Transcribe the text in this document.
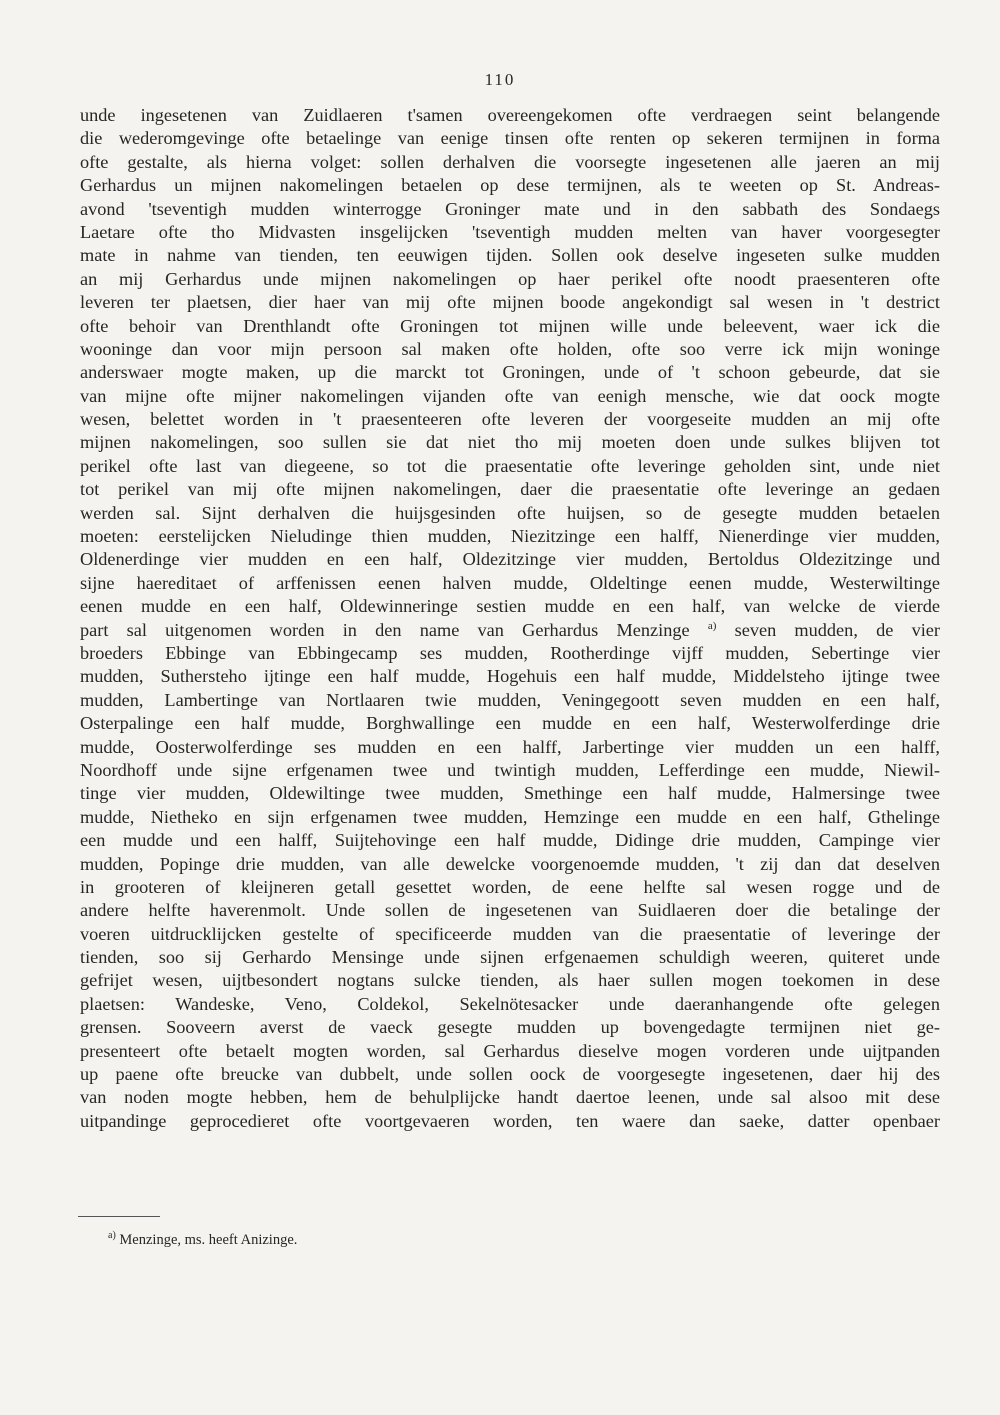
110
unde ingesetenen van Zuidlaeren t'samen overeengekomen ofte verdraegen seint belangende
die wederomgevinge ofte betaelinge van eenige tinsen ofte renten op sekeren termijnen in forma
ofte gestalte, als hierna volget: sollen derhalven die voorsegte ingesetenen alle jaeren an mij
Gerhardus un mijnen nakomelingen betaelen op dese termijnen, als te weeten op St. Andreas-
avond 'tseventigh mudden winterrogge Groninger mate und in den sabbath des Sondaegs
Laetare ofte tho Midvasten insgelijcken 'tseventigh mudden melten van haver voorgesegter
mate in nahme van tienden, ten eeuwigen tijden. Sollen ook deselve ingeseten sulke mudden
an mij Gerhardus unde mijnen nakomelingen op haer perikel ofte noodt praesenteren ofte
leveren ter plaetsen, dier haer van mij ofte mijnen boode angekondigt sal wesen in 't destrict
ofte behoir van Drenthlandt ofte Groningen tot mijnen wille unde beleevent, waer ick die
wooninge dan voor mijn persoon sal maken ofte holden, ofte soo verre ick mijn woninge
anderswaer mogte maken, up die marckt tot Groningen, unde of 't schoon gebeurde, dat sie
van mijne ofte mijner nakomelingen vijanden ofte van eenigh mensche, wie dat oock mogte
wesen, belettet worden in 't praesenteeren ofte leveren der voorgeseite mudden an mij ofte
mijnen nakomelingen, soo sullen sie dat niet tho mij moeten doen unde sulkes blijven tot
perikel ofte last van diegeene, so tot die praesentatie ofte leveringe geholden sint, unde niet
tot perikel van mij ofte mijnen nakomelingen, daer die praesentatie ofte leveringe an gedaen
werden sal. Sijnt derhalven die huijsgesinden ofte huijsen, so de gesegte mudden betaelen
moeten: eerstelijcken Nieludinge thien mudden, Niezitzinge een halff, Nienerdinge vier mudden,
Oldenerdinge vier mudden en een half, Oldezitzinge vier mudden, Bertoldus Oldezitzinge und
sijne haereditaet of arffenissen eenen halven mudde, Oldeltinge eenen mudde, Westerwiltinge
eenen mudde en een half, Oldewinneringe sestien mudde en een half, van welcke de vierde
part sal uitgenomen worden in den name van Gerhardus Menzinge $^{a)}$ seven mudden, de vier
broeders Ebbinge van Ebbingecamp ses mudden, Rootherdinge vijff mudden, Sebertinge vier
mudden, Suthersteho ijtinge een half mudde, Hogehuis een half mudde, Middelsteho ijtinge twee
mudden, Lambertinge van Nortlaaren twie mudden, Veningegoott seven mudden en een half,
Osterpalinge een half mudde, Borghwallinge een mudde en een half, Westerwolferdinge drie
mudde, Oosterwolferdinge ses mudden en een halff, Jarbertinge vier mudden un een halff,
Noordhoff unde sijne erfgenamen twee und twintigh mudden, Lefferdinge een mudde, Niewil-
tinge vier mudden, Oldewiltinge twee mudden, Smethinge een half mudde, Halmersinge twee
mudde, Nietheko en sijn erfgenamen twee mudden, Hemzinge een mudde en een half, Gthelinge
een mudde und een halff, Suijtehovinge een half mudde, Didinge drie mudden, Campinge vier
mudden, Popinge drie mudden, van alle dewelcke voorgenoemde mudden, 't zij dan dat deselven
in grooteren of kleijneren getall gesettet worden, de eene helfte sal wesen rogge und de
andere helfte haverenmolt. Unde sollen de ingesetenen van Suidlaeren doer die betalinge der
voeren uitdrucklijcken gestelte of specificeerde mudden van die praesentatie of leveringe der
tienden, soo sij Gerhardo Mensinge unde sijnen erfgenaemen schuldigh weeren, quiteret unde
gefrijet wesen, uijtbesondert nogtans sulcke tienden, als haer sullen mogen toekomen in dese
plaetsen: Wandeske, Veno, Coldekol, Sekelnötesacker unde daeranhangende ofte gelegen
grensen. Sooveern averst de vaeck gesegte mudden up bovengedagte termijnen niet ge-
presenteert ofte betaelt mogten worden, sal Gerhardus dieselve mogen vorderen unde uijtpanden
up paene ofte breucke van dubbelt, unde sollen oock de voorgesegte ingesetenen, daer hij des
van noden mogte hebben, hem de behulplijcke handt daertoe leenen, unde sal alsoo mit dese
uitpandinge geprocedieret ofte voortgevaeren worden, ten waere dan saeke, datter openbaer
$^{a)}$ Menzinge, ms. heeft Anizinge.
